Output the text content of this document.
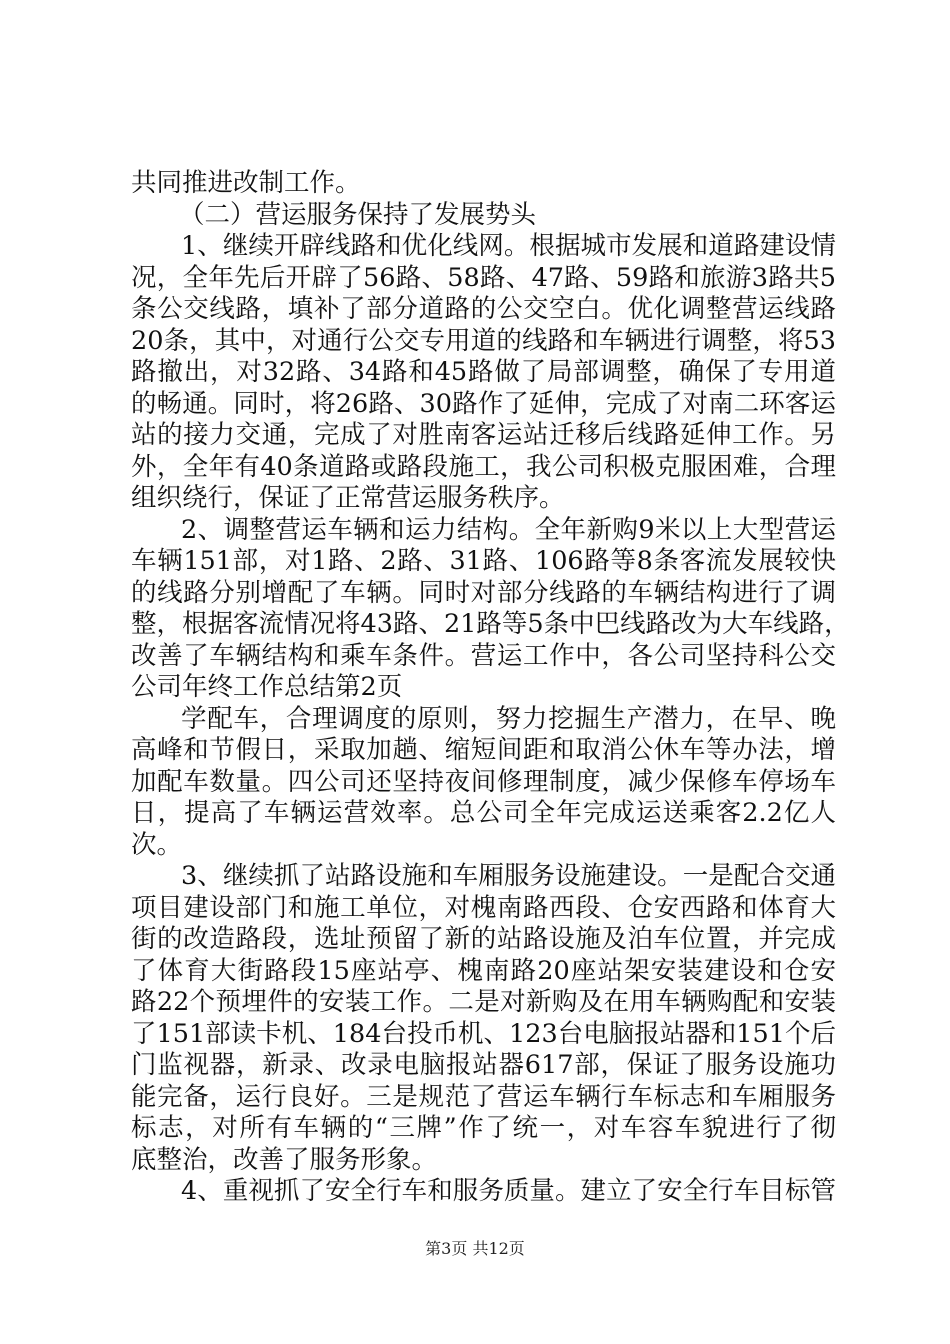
共同推进改制工作。
（二）营运服务保持了发展势头
1、继续开辟线路和优化线网。根据城市发展和道路建设情
况，全年先后开辟了56路、58路、47路、59路和旅游3路共5
条公交线路，填补了部分道路的公交空白。优化调整营运线路
20条，其中，对通行公交专用道的线路和车辆进行调整，将53
路撤出，对32路、34路和45路做了局部调整，确保了专用道
的畅通。同时，将26路、30路作了延伸，完成了对南二环客运
站的接力交通，完成了对胜南客运站迁移后线路延伸工作。另
外，全年有40条道路或路段施工，我公司积极克服困难，合理
组织绕行，保证了正常营运服务秩序。
2、调整营运车辆和运力结构。全年新购9米以上大型营运
车辆151部，对1路、2路、31路、106路等8条客流发展较快
的线路分别增配了车辆。同时对部分线路的车辆结构进行了调
整，根据客流情况将43路、21路等5条中巴线路改为大车线路，
改善了车辆结构和乘车条件。营运工作中，各公司坚持科公交
公司年终工作总结第2页
学配车，合理调度的原则，努力挖掘生产潜力，在早、晚
高峰和节假日，采取加趟、缩短间距和取消公休车等办法，增
加配车数量。四公司还坚持夜间修理制度，减少保修车停场车
日，提高了车辆运营效率。总公司全年完成运送乘客2.2亿人
次。
3、继续抓了站路设施和车厢服务设施建设。一是配合交通
项目建设部门和施工单位，对槐南路西段、仓安西路和体育大
街的改造路段，选址预留了新的站路设施及泊车位置，并完成
了体育大街路段15座站亭、槐南路20座站架安装建设和仓安
路22个预埋件的安装工作。二是对新购及在用车辆购配和安装
了151部读卡机、184台投币机、123台电脑报站器和151个后
门监视器，新录、改录电脑报站器617部，保证了服务设施功
能完备，运行良好。三是规范了营运车辆行车标志和车厢服务
标志，对所有车辆的“三牌”作了统一，对车容车貌进行了彻
底整治，改善了服务形象。
4、重视抓了安全行车和服务质量。建立了安全行车目标管
第3页 共12页
